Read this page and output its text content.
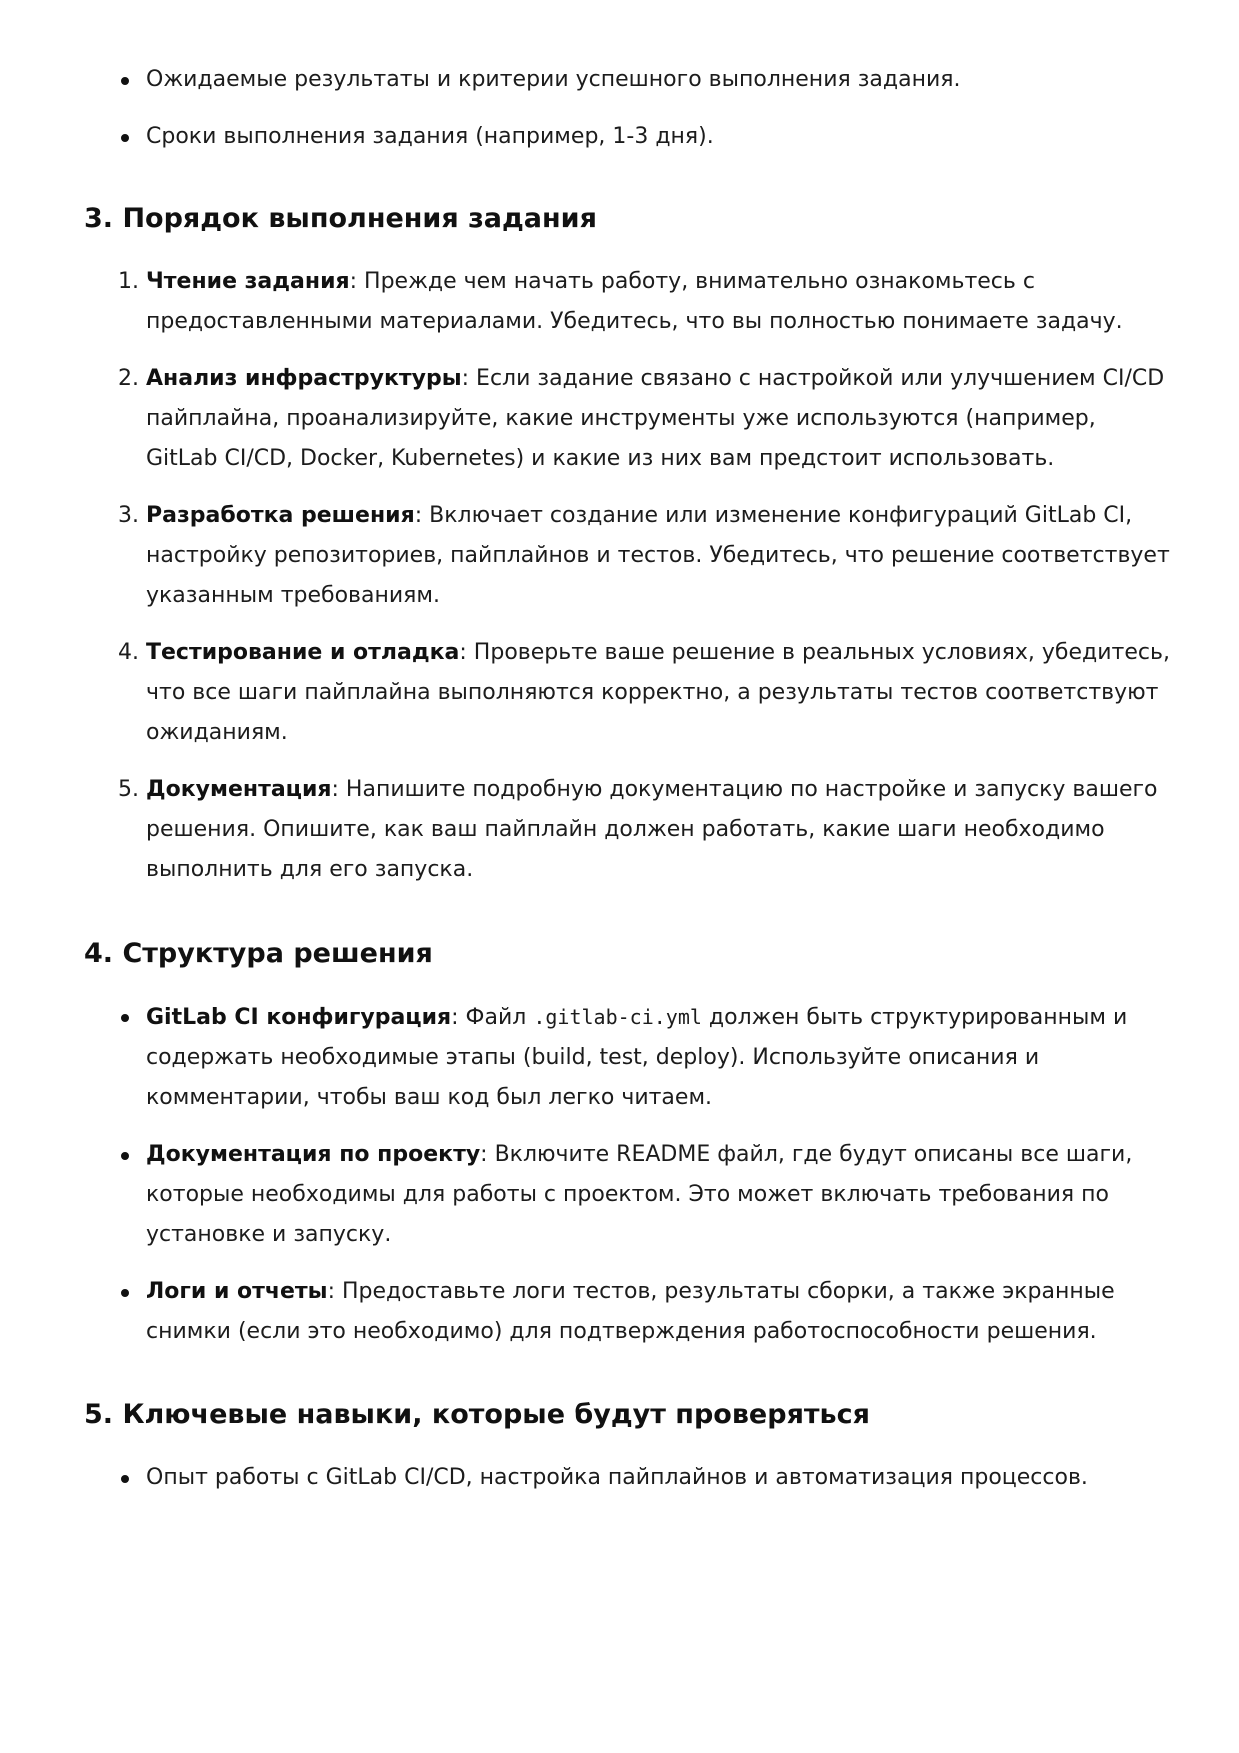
Ожидаемые результаты и критерии успешного выполнения задания.
Сроки выполнения задания (например, 1-3 дня).
3. Порядок выполнения задания
1. Чтение задания: Прежде чем начать работу, внимательно ознакомьтесь с предоставленными материалами. Убедитесь, что вы полностью понимаете задачу.
2. Анализ инфраструктуры: Если задание связано с настройкой или улучшением CI/CD пайплайна, проанализируйте, какие инструменты уже используются (например, GitLab CI/CD, Docker, Kubernetes) и какие из них вам предстоит использовать.
3. Разработка решения: Включает создание или изменение конфигураций GitLab CI, настройку репозиториев, пайплайнов и тестов. Убедитесь, что решение соответствует указанным требованиям.
4. Тестирование и отладка: Проверьте ваше решение в реальных условиях, убедитесь, что все шаги пайплайна выполняются корректно, а результаты тестов соответствуют ожиданиям.
5. Документация: Напишите подробную документацию по настройке и запуску вашего решения. Опишите, как ваш пайплайн должен работать, какие шаги необходимо выполнить для его запуска.
4. Структура решения
GitLab CI конфигурация: Файл .gitlab-ci.yml должен быть структурированным и содержать необходимые этапы (build, test, deploy). Используйте описания и комментарии, чтобы ваш код был легко читаем.
Документация по проекту: Включите README файл, где будут описаны все шаги, которые необходимы для работы с проектом. Это может включать требования по установке и запуску.
Логи и отчеты: Предоставьте логи тестов, результаты сборки, а также экранные снимки (если это необходимо) для подтверждения работоспособности решения.
5. Ключевые навыки, которые будут проверяться
Опыт работы с GitLab CI/CD, настройка пайплайнов и автоматизация процессов.
